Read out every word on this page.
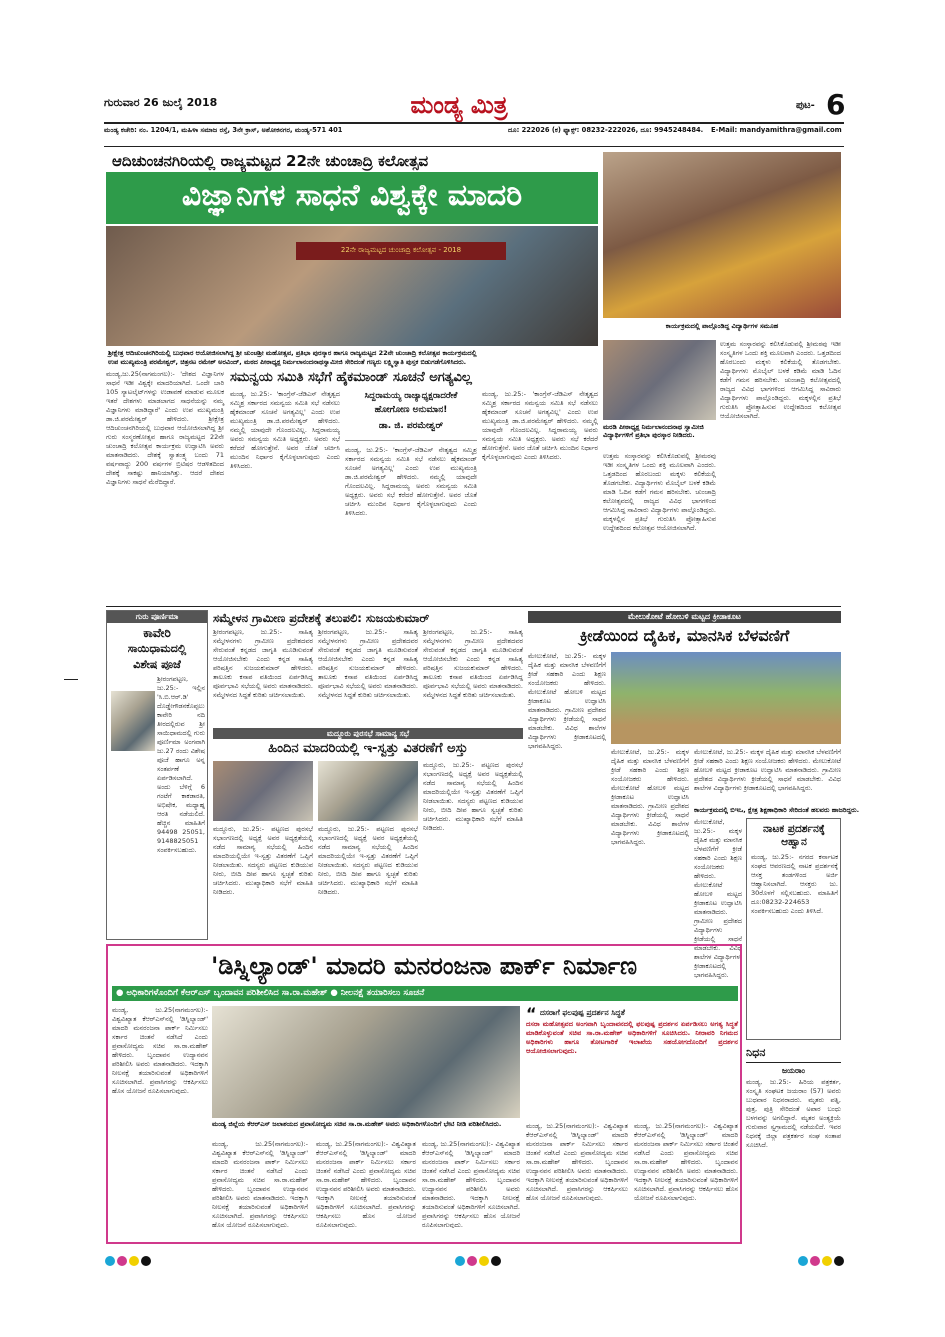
ಗುರುವಾರ 26 ಜುಲೈ 2018	ಮಂಡ್ಯ ಮಿತ್ರ	ಪುಟ- 6
ಮಂಡ್ಯ ಕಚೇರಿ: ನಂ. 1204/1, ಮಹಿಳಾ ಸಮಾಜ ರಸ್ತೆ, 3ನೇ ಕ್ರಾಸ್, ಅಶೋಕನಗರ, ಮಂಡ್ಯ-571 401	ದೂ: 222026 (ಕ) ಫ್ಯಾಕ್ಸ್: 08232-222026, ದೂ: 9945248484.	E-Mail: mandyamithra@gmail.com
ಆದಿಚುಂಚನಗಿರಿಯಲ್ಲಿ ರಾಜ್ಯಮಟ್ಟದ 22ನೇ ಚುಂಚಾದ್ರಿ ಕಲೋತ್ಸವ
ವಿಜ್ಞಾನಿಗಳ ಸಾಧನೆ ವಿಶ್ವಕ್ಕೇ ಮಾದರಿ
22ನೇ ರಾಜ್ಯಮಟ್ಟದ ಚುಂಚಾದ್ರಿ ಕಲೋತ್ಸವ - 2018
ಶ್ರೀಕ್ಷೇತ್ರ ಆದಿಚುಂಚನಗಿರಿಯಲ್ಲಿ ಬುಧವಾರ ಆಯೋಜಿಸಲಾಗಿದ್ದ ಶ್ರೀ ಚುಂಚಶ್ರೀ ಮಹೋತ್ಸವ, ಪ್ರತಿಭಾ ಪುರಸ್ಕಾರ ಹಾಗೂ ರಾಜ್ಯಮಟ್ಟದ 22ನೇ ಚುಂಚಾದ್ರಿ ಕಲೋತ್ಸವ ಕಾರ್ಯಕ್ರಮದಲ್ಲಿ
ಉಪ ಮುಖ್ಯಮಂತ್ರಿ ಪರಮೇಶ್ವರ್, ಚಿತ್ರನಟ ರಮೇಶ್ ಅರವಿಂದ್, ಮಠದ ಪೀಠಾಧ್ಯಕ್ಷ ನಿರ್ಮಲಾನಂದನಾಥಸ್ವಾಮೀಜಿ ಸೇರಿದಂತೆ ಗಣ್ಯರು ಲಕ್ಷ್ಮಿಸ್ವಾತಿ ಪುಸ್ತಕ ಬಿಡುಗಡೆಗೊಳಿಸಿದರು.
ಕಾರ್ಯಕ್ರಮದಲ್ಲಿ ಪಾಲ್ಗೊಂಡಿದ್ದ ವಿದ್ಯಾರ್ಥಿಗಳ ಸಮೂಹ
ಮಂಡ್ಯ,ಜು.25(ನಾಗಮಂಗಲ):- 'ದೇಶದ ವಿಜ್ಞಾನಿಗಳ ಸಾಧನೆ ಇಡೀ ವಿಶ್ವಕ್ಕೇ ಮಾದರಿಯಾಗಿದೆ. ಒಂದೇ ಬಾರಿ 105 ಸ್ಯಾಟಲೈಟ್‌ಗಳನ್ನು ಉಡಾವಣೆ ಮಾಡುವ ಮೂಲಕ ಇತರೆ ದೇಶಗಳು ಮಾಡಲಾಗದ ಸಾಧನೆಯನ್ನು ನಮ್ಮ ವಿಜ್ಞಾನಿಗಳು ಮಾಡಿದ್ದಾರೆ' ಎಂದು ಉಪ ಮುಖ್ಯಮಂತ್ರಿ ಡಾ.ಜಿ.ಪರಮೇಶ್ವರ್ ಹೇಳಿದರು. ಶ್ರೀಕ್ಷೇತ್ರ ಆದಿಚುಂಚನಗಿರಿಯಲ್ಲಿ ಬುಧವಾರ ಆಯೋಜಿಸಲಾಗಿದ್ದ ಶ್ರೀ ಗುರು ಸಂಸ್ಮರಣೋತ್ಸವ ಹಾಗೂ ರಾಜ್ಯಮಟ್ಟದ 22ನೇ ಚುಂಚಾದ್ರಿ ಕಲೋತ್ಸವ ಕಾರ್ಯಕ್ರಮ ಉದ್ಘಾಟಿಸಿ ಅವರು ಮಾತನಾಡಿದರು. ದೇಶಕ್ಕೆ ಸ್ವಾತಂತ್ರ್ಯ ಬಂದು 71 ವರ್ಷವಾದ್ದು 200 ವರ್ಷಗಳ ಬ್ರಿಟಿಷರ ಆಡಳಿತದಿಂದ ದೇಶಕ್ಕೆ ಸಾಕಷ್ಟು ಹಾನಿಯಾಗಿತ್ತು. ಆದರೆ ದೇಶದ ವಿಜ್ಞಾನಿಗಳು ಸಾಧನೆ ಮೆರೆದಿದ್ದಾರೆ.
ಸಮನ್ವಯ ಸಮಿತಿ ಸಭೆಗೆ ಹೈಕಮಾಂಡ್ ಸೂಚನೆ ಅಗತ್ಯವಿಲ್ಲ
ಮಂಡ್ಯ, ಜು.25:- 'ಕಾಂಗ್ರೆಸ್-ಜೆಡಿಎಸ್ ನೇತೃತ್ವದ ಸಮ್ಮಿಶ್ರ ಸರ್ಕಾರದ ಸಮನ್ವಯ ಸಮಿತಿ ಸಭೆ ನಡೆಸಲು ಹೈಕಮಾಂಡ್ ಸೂಚನೆ ಅಗತ್ಯವಿಲ್ಲ' ಎಂದು ಉಪ ಮುಖ್ಯಮಂತ್ರಿ ಡಾ.ಜಿ.ಪರಮೇಶ್ವರ್ ಹೇಳಿದರು. ನಮ್ಮಲ್ಲಿ ಯಾವುದೇ ಗೊಂದಲವಿಲ್ಲ. ಸಿದ್ದರಾಮಯ್ಯ ಅವರು ಸಮನ್ವಯ ಸಮಿತಿ ಅಧ್ಯಕ್ಷರು. ಅವರು ಸಭೆ ಕರೆದರೆ ಹೋಗುತ್ತೇನೆ. ಅವರ ಜೊತೆ ಚರ್ಚಿಸಿ ಮುಂದಿನ ನಿರ್ಧಾರ ಕೈಗೊಳ್ಳಲಾಗುವುದು ಎಂದು ತಿಳಿಸಿದರು.
ಸಿದ್ದರಾಮಯ್ಯ ರಾಜ್ಯಾಧ್ಯಕ್ಷರಾದರೇಕೆ
ಹೋಗೋಣ ಅನುಮಾನ!
ಡಾ. ಜಿ. ಪರಮೇಶ್ವರ್
ಮಂಡ್ಯ, ಜು.25:- 'ಕಾಂಗ್ರೆಸ್-ಜೆಡಿಎಸ್ ನೇತೃತ್ವದ ಸಮ್ಮಿಶ್ರ ಸರ್ಕಾರದ ಸಮನ್ವಯ ಸಮಿತಿ ಸಭೆ ನಡೆಸಲು ಹೈಕಮಾಂಡ್ ಸೂಚನೆ ಅಗತ್ಯವಿಲ್ಲ' ಎಂದು ಉಪ ಮುಖ್ಯಮಂತ್ರಿ ಡಾ.ಜಿ.ಪರಮೇಶ್ವರ್ ಹೇಳಿದರು. ನಮ್ಮಲ್ಲಿ ಯಾವುದೇ ಗೊಂದಲವಿಲ್ಲ. ಸಿದ್ದರಾಮಯ್ಯ ಅವರು ಸಮನ್ವಯ ಸಮಿತಿ ಅಧ್ಯಕ್ಷರು. ಅವರು ಸಭೆ ಕರೆದರೆ ಹೋಗುತ್ತೇನೆ. ಅವರ ಜೊತೆ ಚರ್ಚಿಸಿ ಮುಂದಿನ ನಿರ್ಧಾರ ಕೈಗೊಳ್ಳಲಾಗುವುದು ಎಂದು ತಿಳಿಸಿದರು.
ಮಂಡ್ಯ, ಜು.25:- 'ಕಾಂಗ್ರೆಸ್-ಜೆಡಿಎಸ್ ನೇತೃತ್ವದ ಸಮ್ಮಿಶ್ರ ಸರ್ಕಾರದ ಸಮನ್ವಯ ಸಮಿತಿ ಸಭೆ ನಡೆಸಲು ಹೈಕಮಾಂಡ್ ಸೂಚನೆ ಅಗತ್ಯವಿಲ್ಲ' ಎಂದು ಉಪ ಮುಖ್ಯಮಂತ್ರಿ ಡಾ.ಜಿ.ಪರಮೇಶ್ವರ್ ಹೇಳಿದರು. ನಮ್ಮಲ್ಲಿ ಯಾವುದೇ ಗೊಂದಲವಿಲ್ಲ. ಸಿದ್ದರಾಮಯ್ಯ ಅವರು ಸಮನ್ವಯ ಸಮಿತಿ ಅಧ್ಯಕ್ಷರು. ಅವರು ಸಭೆ ಕರೆದರೆ ಹೋಗುತ್ತೇನೆ. ಅವರ ಜೊತೆ ಚರ್ಚಿಸಿ ಮುಂದಿನ ನಿರ್ಧಾರ ಕೈಗೊಳ್ಳಲಾಗುವುದು ಎಂದು ತಿಳಿಸಿದರು.
ಮರಡಿ ಪೀಠಾಧ್ಯಕ್ಷ ನಿರ್ಮಲಾನಂದನಾಥ ಸ್ವಾಮೀಜಿ ವಿದ್ಯಾರ್ಥಿಗಳಿಗೆ ಪ್ರತಿಭಾ ಪುರಸ್ಕಾರ ನೀಡಿದರು.
ಉತ್ತಮ ಸಂಸ್ಕಾರವನ್ನು ಕಲಿಸಿಕೊಡುವಲ್ಲಿ ಶ್ರೀಮಠವು ಇಡೀ ಸಂಸ್ಕೃತಿಗಳ ಒಂದು ಶಕ್ತಿ ಮೂಲವಾಗಿ ಎಂದರು. ಒತ್ತಡದಿಂದ ಹೊರಬಂದು ಮಕ್ಕಳು ಕಲಿಕೆಯಲ್ಲಿ ತೊಡಗಬೇಕು. ವಿದ್ಯಾರ್ಥಿಗಳು ಮೊಬೈಲ್ ಬಳಕೆ ಕಡಿಮೆ ಮಾಡಿ ಓದಿನ ಕಡೆಗೆ ಗಮನ ಹರಿಸಬೇಕು. ಚುಂಚಾದ್ರಿ ಕಲೋತ್ಸವದಲ್ಲಿ ರಾಜ್ಯದ ವಿವಿಧ ಭಾಗಗಳಿಂದ ಆಗಮಿಸಿದ್ದ ಸಾವಿರಾರು ವಿದ್ಯಾರ್ಥಿಗಳು ಪಾಲ್ಗೊಂಡಿದ್ದರು. ಮಕ್ಕಳಲ್ಲಿನ ಪ್ರತಿಭೆ ಗುರುತಿಸಿ ಪ್ರೋತ್ಸಾಹಿಸುವ ಉದ್ದೇಶದಿಂದ ಕಲೋತ್ಸವ ಆಯೋಜಿಸಲಾಗಿದೆ.
ಉತ್ತಮ ಸಂಸ್ಕಾರವನ್ನು ಕಲಿಸಿಕೊಡುವಲ್ಲಿ ಶ್ರೀಮಠವು ಇಡೀ ಸಂಸ್ಕೃತಿಗಳ ಒಂದು ಶಕ್ತಿ ಮೂಲವಾಗಿ ಎಂದರು. ಒತ್ತಡದಿಂದ ಹೊರಬಂದು ಮಕ್ಕಳು ಕಲಿಕೆಯಲ್ಲಿ ತೊಡಗಬೇಕು. ವಿದ್ಯಾರ್ಥಿಗಳು ಮೊಬೈಲ್ ಬಳಕೆ ಕಡಿಮೆ ಮಾಡಿ ಓದಿನ ಕಡೆಗೆ ಗಮನ ಹರಿಸಬೇಕು. ಚುಂಚಾದ್ರಿ ಕಲೋತ್ಸವದಲ್ಲಿ ರಾಜ್ಯದ ವಿವಿಧ ಭಾಗಗಳಿಂದ ಆಗಮಿಸಿದ್ದ ಸಾವಿರಾರು ವಿದ್ಯಾರ್ಥಿಗಳು ಪಾಲ್ಗೊಂಡಿದ್ದರು. ಮಕ್ಕಳಲ್ಲಿನ ಪ್ರತಿಭೆ ಗುರುತಿಸಿ ಪ್ರೋತ್ಸಾಹಿಸುವ ಉದ್ದೇಶದಿಂದ ಕಲೋತ್ಸವ ಆಯೋಜಿಸಲಾಗಿದೆ.
ಗುರು ಪೂರ್ಣಿಮಾ
ಕಾವೇರಿ
ಸಾಯಿಧಾಮದಲ್ಲಿ
ವಿಶೇಷ ಪೂಜೆ
ಶ್ರೀರಂಗಪಟ್ಟಣ, ಜು.25:- ಇಲ್ಲಿನ 'ಸಿ.ಬಿ.ಆರ್.ಡಿ' ದೊಡ್ಡೇಗೌಡನಕೊಪ್ಪಲು ಕಾವೇರಿ ನದಿ ತೀರದಲ್ಲಿರುವ ಶ್ರೀ ಸಾಯಿಧಾಮದಲ್ಲಿ ಗುರು ಪೂರ್ಣಿಮಾ ಅಂಗವಾಗಿ ಜು.27 ರಂದು ವಿಶೇಷ ಪೂಜೆ ಹಾಗೂ ಅನ್ನ ಸಂತರ್ಪಣೆ ಏರ್ಪಡಿಸಲಾಗಿದೆ. ಅಂದು ಬೆಳಿಗ್ಗೆ 6 ಗಂಟೆಗೆ ಕಾಕಡಾರತಿ, ಅಭಿಷೇಕ, ಮಧ್ಯಾಹ್ನ ಆರತಿ ನಡೆಯಲಿದೆ. ಹೆಚ್ಚಿನ ಮಾಹಿತಿಗೆ 94498 25051, 9148825051 ಸಂಪರ್ಕಿಸಬಹುದು.
ಸಮ್ಮೇಳನ ಗ್ರಾಮೀಣ ಪ್ರದೇಶಕ್ಕೆ ತಲುಪಲಿ: ಸುಜಯಕುಮಾರ್
ಶ್ರೀರಂಗಪಟ್ಟಣ, ಜು.25:- ಸಾಹಿತ್ಯ ಸಮ್ಮೇಳನಗಳು ಗ್ರಾಮೀಣ ಪ್ರದೇಶದವರ ಸೇರುವಂತೆ ಕನ್ನಡದ ಜಾಗೃತಿ ಮೂಡಿಸುವಂತೆ ಆಯೋಜಿಸಬೇಕು ಎಂದು ಕನ್ನಡ ಸಾಹಿತ್ಯ ಪರಿಷತ್ತಿನ ಸುಜಯಕುಮಾರ್ ಹೇಳಿದರು. ತಾಲೂಕು ಕಸಾಪ ವತಿಯಿಂದ ಏರ್ಪಡಿಸಿದ್ದ ಪೂರ್ವಭಾವಿ ಸಭೆಯಲ್ಲಿ ಅವರು ಮಾತನಾಡಿದರು. ಸಮ್ಮೇಳನದ ಸಿದ್ಧತೆ ಕುರಿತು ಚರ್ಚಿಸಲಾಯಿತು.
ಶ್ರೀರಂಗಪಟ್ಟಣ, ಜು.25:- ಸಾಹಿತ್ಯ ಸಮ್ಮೇಳನಗಳು ಗ್ರಾಮೀಣ ಪ್ರದೇಶದವರ ಸೇರುವಂತೆ ಕನ್ನಡದ ಜಾಗೃತಿ ಮೂಡಿಸುವಂತೆ ಆಯೋಜಿಸಬೇಕು ಎಂದು ಕನ್ನಡ ಸಾಹಿತ್ಯ ಪರಿಷತ್ತಿನ ಸುಜಯಕುಮಾರ್ ಹೇಳಿದರು. ತಾಲೂಕು ಕಸಾಪ ವತಿಯಿಂದ ಏರ್ಪಡಿಸಿದ್ದ ಪೂರ್ವಭಾವಿ ಸಭೆಯಲ್ಲಿ ಅವರು ಮಾತನಾಡಿದರು. ಸಮ್ಮೇಳನದ ಸಿದ್ಧತೆ ಕುರಿತು ಚರ್ಚಿಸಲಾಯಿತು.
ಶ್ರೀರಂಗಪಟ್ಟಣ, ಜು.25:- ಸಾಹಿತ್ಯ ಸಮ್ಮೇಳನಗಳು ಗ್ರಾಮೀಣ ಪ್ರದೇಶದವರ ಸೇರುವಂತೆ ಕನ್ನಡದ ಜಾಗೃತಿ ಮೂಡಿಸುವಂತೆ ಆಯೋಜಿಸಬೇಕು ಎಂದು ಕನ್ನಡ ಸಾಹಿತ್ಯ ಪರಿಷತ್ತಿನ ಸುಜಯಕುಮಾರ್ ಹೇಳಿದರು. ತಾಲೂಕು ಕಸಾಪ ವತಿಯಿಂದ ಏರ್ಪಡಿಸಿದ್ದ ಪೂರ್ವಭಾವಿ ಸಭೆಯಲ್ಲಿ ಅವರು ಮಾತನಾಡಿದರು. ಸಮ್ಮೇಳನದ ಸಿದ್ಧತೆ ಕುರಿತು ಚರ್ಚಿಸಲಾಯಿತು.
ಮದ್ದೂರು ಪುರಸಭೆ ಸಾಮಾನ್ಯ ಸಭೆ
ಹಿಂದಿನ ಮಾದರಿಯಲ್ಲಿ ಇ-ಸ್ವತ್ತು ವಿತರಣೆಗೆ ಅಸ್ತು
ಮದ್ದೂರು, ಜು.25:- ಪಟ್ಟಣದ ಪುರಸಭೆ ಸಭಾಂಗಣದಲ್ಲಿ ಅಧ್ಯಕ್ಷೆ ಅವರ ಅಧ್ಯಕ್ಷತೆಯಲ್ಲಿ ನಡೆದ ಸಾಮಾನ್ಯ ಸಭೆಯಲ್ಲಿ ಹಿಂದಿನ ಮಾದರಿಯಲ್ಲಿಯೇ ಇ-ಸ್ವತ್ತು ವಿತರಣೆಗೆ ಒಪ್ಪಿಗೆ ನೀಡಲಾಯಿತು. ಸದಸ್ಯರು ಪಟ್ಟಣದ ಕುಡಿಯುವ ನೀರು, ಬೀದಿ ದೀಪ ಹಾಗೂ ಸ್ವಚ್ಛತೆ ಕುರಿತು ಚರ್ಚಿಸಿದರು. ಮುಖ್ಯಾಧಿಕಾರಿ ಸಭೆಗೆ ಮಾಹಿತಿ ನೀಡಿದರು.
ಮದ್ದೂರು, ಜು.25:- ಪಟ್ಟಣದ ಪುರಸಭೆ ಸಭಾಂಗಣದಲ್ಲಿ ಅಧ್ಯಕ್ಷೆ ಅವರ ಅಧ್ಯಕ್ಷತೆಯಲ್ಲಿ ನಡೆದ ಸಾಮಾನ್ಯ ಸಭೆಯಲ್ಲಿ ಹಿಂದಿನ ಮಾದರಿಯಲ್ಲಿಯೇ ಇ-ಸ್ವತ್ತು ವಿತರಣೆಗೆ ಒಪ್ಪಿಗೆ ನೀಡಲಾಯಿತು. ಸದಸ್ಯರು ಪಟ್ಟಣದ ಕುಡಿಯುವ ನೀರು, ಬೀದಿ ದೀಪ ಹಾಗೂ ಸ್ವಚ್ಛತೆ ಕುರಿತು ಚರ್ಚಿಸಿದರು. ಮುಖ್ಯಾಧಿಕಾರಿ ಸಭೆಗೆ ಮಾಹಿತಿ ನೀಡಿದರು.
ಮದ್ದೂರು, ಜು.25:- ಪಟ್ಟಣದ ಪುರಸಭೆ ಸಭಾಂಗಣದಲ್ಲಿ ಅಧ್ಯಕ್ಷೆ ಅವರ ಅಧ್ಯಕ್ಷತೆಯಲ್ಲಿ ನಡೆದ ಸಾಮಾನ್ಯ ಸಭೆಯಲ್ಲಿ ಹಿಂದಿನ ಮಾದರಿಯಲ್ಲಿಯೇ ಇ-ಸ್ವತ್ತು ವಿತರಣೆಗೆ ಒಪ್ಪಿಗೆ ನೀಡಲಾಯಿತು. ಸದಸ್ಯರು ಪಟ್ಟಣದ ಕುಡಿಯುವ ನೀರು, ಬೀದಿ ದೀಪ ಹಾಗೂ ಸ್ವಚ್ಛತೆ ಕುರಿತು ಚರ್ಚಿಸಿದರು. ಮುಖ್ಯಾಧಿಕಾರಿ ಸಭೆಗೆ ಮಾಹಿತಿ ನೀಡಿದರು.
ಮೇಲುಕೋಟೆ ಹೋಬಳಿ ಮಟ್ಟದ ಕ್ರೀಡಾಕೂಟ
ಕ್ರೀಡೆಯಿಂದ ದೈಹಿಕ, ಮಾನಸಿಕ ಬೆಳವಣಿಗೆ
ಮೇಲುಕೋಟೆ, ಜು.25:- ಮಕ್ಕಳ ದೈಹಿಕ ಮತ್ತು ಮಾನಸಿಕ ಬೆಳವಣಿಗೆಗೆ ಕ್ರೀಡೆ ಸಹಕಾರಿ ಎಂದು ಶಿಕ್ಷಣ ಸಂಯೋಜಕರು ಹೇಳಿದರು. ಮೇಲುಕೋಟೆ ಹೋಬಳಿ ಮಟ್ಟದ ಕ್ರೀಡಾಕೂಟ ಉದ್ಘಾಟಿಸಿ ಮಾತನಾಡಿದರು. ಗ್ರಾಮೀಣ ಪ್ರದೇಶದ ವಿದ್ಯಾರ್ಥಿಗಳು ಕ್ರೀಡೆಯಲ್ಲಿ ಸಾಧನೆ ಮಾಡಬೇಕು. ವಿವಿಧ ಶಾಲೆಗಳ ವಿದ್ಯಾರ್ಥಿಗಳು ಕ್ರೀಡಾಕೂಟದಲ್ಲಿ ಭಾಗವಹಿಸಿದ್ದರು.
ಮೇಲುಕೋಟೆ, ಜು.25:- ಮಕ್ಕಳ ದೈಹಿಕ ಮತ್ತು ಮಾನಸಿಕ ಬೆಳವಣಿಗೆಗೆ ಕ್ರೀಡೆ ಸಹಕಾರಿ ಎಂದು ಶಿಕ್ಷಣ ಸಂಯೋಜಕರು ಹೇಳಿದರು. ಮೇಲುಕೋಟೆ ಹೋಬಳಿ ಮಟ್ಟದ ಕ್ರೀಡಾಕೂಟ ಉದ್ಘಾಟಿಸಿ ಮಾತನಾಡಿದರು. ಗ್ರಾಮೀಣ ಪ್ರದೇಶದ ವಿದ್ಯಾರ್ಥಿಗಳು ಕ್ರೀಡೆಯಲ್ಲಿ ಸಾಧನೆ ಮಾಡಬೇಕು. ವಿವಿಧ ಶಾಲೆಗಳ ವಿದ್ಯಾರ್ಥಿಗಳು ಕ್ರೀಡಾಕೂಟದಲ್ಲಿ ಭಾಗವಹಿಸಿದ್ದರು.
ಮೇಲುಕೋಟೆ, ಜು.25:- ಮಕ್ಕಳ ದೈಹಿಕ ಮತ್ತು ಮಾನಸಿಕ ಬೆಳವಣಿಗೆಗೆ ಕ್ರೀಡೆ ಸಹಕಾರಿ ಎಂದು ಶಿಕ್ಷಣ ಸಂಯೋಜಕರು ಹೇಳಿದರು. ಮೇಲುಕೋಟೆ ಹೋಬಳಿ ಮಟ್ಟದ ಕ್ರೀಡಾಕೂಟ ಉದ್ಘಾಟಿಸಿ ಮಾತನಾಡಿದರು. ಗ್ರಾಮೀಣ ಪ್ರದೇಶದ ವಿದ್ಯಾರ್ಥಿಗಳು ಕ್ರೀಡೆಯಲ್ಲಿ ಸಾಧನೆ ಮಾಡಬೇಕು. ವಿವಿಧ ಶಾಲೆಗಳ ವಿದ್ಯಾರ್ಥಿಗಳು ಕ್ರೀಡಾಕೂಟದಲ್ಲಿ ಭಾಗವಹಿಸಿದ್ದರು.
ಕಾರ್ಯಕ್ರಮದಲ್ಲಿ ಬಿಇಒ, ಕ್ಷೇತ್ರ ಶಿಕ್ಷಣಾಧಿಕಾರಿ ಸೇರಿದಂತೆ ಹಲವರು ಹಾಜರಿದ್ದರು.
ನಾಟಕ ಪ್ರದರ್ಶನಕ್ಕೆ ಆಹ್ವಾನ
ಮಂಡ್ಯ, ಜು.25:- ನಗರದ ಕರ್ನಾಟಕ ಸಂಘದ ಆವರಣದಲ್ಲಿ ನಾಟಕ ಪ್ರದರ್ಶನಕ್ಕೆ ಆಸಕ್ತ ತಂಡಗಳಿಂದ ಅರ್ಜಿ ಆಹ್ವಾನಿಸಲಾಗಿದೆ. ಆಸಕ್ತರು ಜು. 30ರೊಳಗೆ ಸಲ್ಲಿಸಬಹುದು. ಮಾಹಿತಿಗೆ ದೂ:08232-224653 ಸಂಪರ್ಕಿಸಬಹುದು ಎಂದು ತಿಳಿಸಿದೆ.
ಮೇಲುಕೋಟೆ, ಜು.25:- ಮಕ್ಕಳ ದೈಹಿಕ ಮತ್ತು ಮಾನಸಿಕ ಬೆಳವಣಿಗೆಗೆ ಕ್ರೀಡೆ ಸಹಕಾರಿ ಎಂದು ಶಿಕ್ಷಣ ಸಂಯೋಜಕರು ಹೇಳಿದರು. ಮೇಲುಕೋಟೆ ಹೋಬಳಿ ಮಟ್ಟದ ಕ್ರೀಡಾಕೂಟ ಉದ್ಘಾಟಿಸಿ ಮಾತನಾಡಿದರು. ಗ್ರಾಮೀಣ ಪ್ರದೇಶದ ವಿದ್ಯಾರ್ಥಿಗಳು ಕ್ರೀಡೆಯಲ್ಲಿ ಸಾಧನೆ ಮಾಡಬೇಕು. ವಿವಿಧ ಶಾಲೆಗಳ ವಿದ್ಯಾರ್ಥಿಗಳು ಕ್ರೀಡಾಕೂಟದಲ್ಲಿ ಭಾಗವಹಿಸಿದ್ದರು.
'ಡಿಸ್ನಿಲ್ಯಾಂಡ್' ಮಾದರಿ ಮನರಂಜನಾ ಪಾರ್ಕ್ ನಿರ್ಮಾಣ
● ಅಧಿಕಾರಿಗಳೊಂದಿಗೆ ಕೆಆರ್‌ಎಸ್ ಬೃಂದಾವನ ಪರಿಶೀಲಿಸಿದ ಸಾ.ರಾ.ಮಹೇಶ್ ● ನೀಲನಕ್ಷೆ ತಯಾರಿಸಲು ಸೂಚನೆ
ಮಂಡ್ಯ, ಜು.25(ನಾಗಮಂಗಲ):- ವಿಶ್ವವಿಖ್ಯಾತ ಕೆಆರ್‌ಎಸ್‌ನಲ್ಲಿ 'ಡಿಸ್ನಿಲ್ಯಾಂಡ್' ಮಾದರಿ ಮನರಂಜನಾ ಪಾರ್ಕ್ ನಿರ್ಮಿಸಲು ಸರ್ಕಾರ ಚಿಂತನೆ ನಡೆಸಿದೆ ಎಂದು ಪ್ರವಾಸೋದ್ಯಮ ಸಚಿವ ಸಾ.ರಾ.ಮಹೇಶ್ ಹೇಳಿದರು. ಬೃಂದಾವನ ಉದ್ಯಾನವನ ಪರಿಶೀಲಿಸಿ ಅವರು ಮಾತನಾಡಿದರು. ಇದಕ್ಕಾಗಿ ನೀಲನಕ್ಷೆ ತಯಾರಿಸುವಂತೆ ಅಧಿಕಾರಿಗಳಿಗೆ ಸೂಚಿಸಲಾಗಿದೆ. ಪ್ರವಾಸಿಗರನ್ನು ಆಕರ್ಷಿಸಲು ಹೊಸ ಯೋಜನೆ ರೂಪಿಸಲಾಗುವುದು.
ಮಂಡ್ಯ ಜಿಲ್ಲೆಯ ಕೆಆರ್‌ಎಸ್ ಜಲಾಶಯದ ಪ್ರವಾಸೋದ್ಯಮ ಸಚಿವ ಸಾ.ರಾ.ಮಹೇಶ್ ಅವರು ಅಧಿಕಾರಿಗಳೊಂದಿಗೆ ಭೇಟಿ ನೀಡಿ ಪರಿಶೀಲಿಸಿದರು.
“ ದಸರಾಗೆ ಫಲಪುಷ್ಪ ಪ್ರದರ್ಶನ ಸಿದ್ಧತೆ
ದಸರಾ ಮಹೋತ್ಸವದ ಅಂಗವಾಗಿ ಬೃಂದಾವನದಲ್ಲಿ ಫಲಪುಷ್ಪ ಪ್ರದರ್ಶನ ಏರ್ಪಡಿಸಲು ಅಗತ್ಯ ಸಿದ್ಧತೆ ಮಾಡಿಕೊಳ್ಳುವಂತೆ ಸಚಿವ ಸಾ.ರಾ.ಮಹೇಶ್ ಅಧಿಕಾರಿಗಳಿಗೆ ಸೂಚಿಸಿದರು. ನೀರಾವರಿ ನಿಗಮದ ಅಧಿಕಾರಿಗಳು ಹಾಗೂ ತೋಟಗಾರಿಕೆ ಇಲಾಖೆಯ ಸಹಯೋಗದೊಂದಿಗೆ ಪ್ರದರ್ಶನ ಆಯೋಜಿಸಲಾಗುವುದು.
ಮಂಡ್ಯ, ಜು.25(ನಾಗಮಂಗಲ):- ವಿಶ್ವವಿಖ್ಯಾತ ಕೆಆರ್‌ಎಸ್‌ನಲ್ಲಿ 'ಡಿಸ್ನಿಲ್ಯಾಂಡ್' ಮಾದರಿ ಮನರಂಜನಾ ಪಾರ್ಕ್ ನಿರ್ಮಿಸಲು ಸರ್ಕಾರ ಚಿಂತನೆ ನಡೆಸಿದೆ ಎಂದು ಪ್ರವಾಸೋದ್ಯಮ ಸಚಿವ ಸಾ.ರಾ.ಮಹೇಶ್ ಹೇಳಿದರು. ಬೃಂದಾವನ ಉದ್ಯಾನವನ ಪರಿಶೀಲಿಸಿ ಅವರು ಮಾತನಾಡಿದರು. ಇದಕ್ಕಾಗಿ ನೀಲನಕ್ಷೆ ತಯಾರಿಸುವಂತೆ ಅಧಿಕಾರಿಗಳಿಗೆ ಸೂಚಿಸಲಾಗಿದೆ. ಪ್ರವಾಸಿಗರನ್ನು ಆಕರ್ಷಿಸಲು ಹೊಸ ಯೋಜನೆ ರೂಪಿಸಲಾಗುವುದು.
ಮಂಡ್ಯ, ಜು.25(ನಾಗಮಂಗಲ):- ವಿಶ್ವವಿಖ್ಯಾತ ಕೆಆರ್‌ಎಸ್‌ನಲ್ಲಿ 'ಡಿಸ್ನಿಲ್ಯಾಂಡ್' ಮಾದರಿ ಮನರಂಜನಾ ಪಾರ್ಕ್ ನಿರ್ಮಿಸಲು ಸರ್ಕಾರ ಚಿಂತನೆ ನಡೆಸಿದೆ ಎಂದು ಪ್ರವಾಸೋದ್ಯಮ ಸಚಿವ ಸಾ.ರಾ.ಮಹೇಶ್ ಹೇಳಿದರು. ಬೃಂದಾವನ ಉದ್ಯಾನವನ ಪರಿಶೀಲಿಸಿ ಅವರು ಮಾತನಾಡಿದರು. ಇದಕ್ಕಾಗಿ ನೀಲನಕ್ಷೆ ತಯಾರಿಸುವಂತೆ ಅಧಿಕಾರಿಗಳಿಗೆ ಸೂಚಿಸಲಾಗಿದೆ. ಪ್ರವಾಸಿಗರನ್ನು ಆಕರ್ಷಿಸಲು ಹೊಸ ಯೋಜನೆ ರೂಪಿಸಲಾಗುವುದು.
ಮಂಡ್ಯ, ಜು.25(ನಾಗಮಂಗಲ):- ವಿಶ್ವವಿಖ್ಯಾತ ಕೆಆರ್‌ಎಸ್‌ನಲ್ಲಿ 'ಡಿಸ್ನಿಲ್ಯಾಂಡ್' ಮಾದರಿ ಮನರಂಜನಾ ಪಾರ್ಕ್ ನಿರ್ಮಿಸಲು ಸರ್ಕಾರ ಚಿಂತನೆ ನಡೆಸಿದೆ ಎಂದು ಪ್ರವಾಸೋದ್ಯಮ ಸಚಿವ ಸಾ.ರಾ.ಮಹೇಶ್ ಹೇಳಿದರು. ಬೃಂದಾವನ ಉದ್ಯಾನವನ ಪರಿಶೀಲಿಸಿ ಅವರು ಮಾತನಾಡಿದರು. ಇದಕ್ಕಾಗಿ ನೀಲನಕ್ಷೆ ತಯಾರಿಸುವಂತೆ ಅಧಿಕಾರಿಗಳಿಗೆ ಸೂಚಿಸಲಾಗಿದೆ. ಪ್ರವಾಸಿಗರನ್ನು ಆಕರ್ಷಿಸಲು ಹೊಸ ಯೋಜನೆ ರೂಪಿಸಲಾಗುವುದು.
ಮಂಡ್ಯ, ಜು.25(ನಾಗಮಂಗಲ):- ವಿಶ್ವವಿಖ್ಯಾತ ಕೆಆರ್‌ಎಸ್‌ನಲ್ಲಿ 'ಡಿಸ್ನಿಲ್ಯಾಂಡ್' ಮಾದರಿ ಮನರಂಜನಾ ಪಾರ್ಕ್ ನಿರ್ಮಿಸಲು ಸರ್ಕಾರ ಚಿಂತನೆ ನಡೆಸಿದೆ ಎಂದು ಪ್ರವಾಸೋದ್ಯಮ ಸಚಿವ ಸಾ.ರಾ.ಮಹೇಶ್ ಹೇಳಿದರು. ಬೃಂದಾವನ ಉದ್ಯಾನವನ ಪರಿಶೀಲಿಸಿ ಅವರು ಮಾತನಾಡಿದರು. ಇದಕ್ಕಾಗಿ ನೀಲನಕ್ಷೆ ತಯಾರಿಸುವಂತೆ ಅಧಿಕಾರಿಗಳಿಗೆ ಸೂಚಿಸಲಾಗಿದೆ. ಪ್ರವಾಸಿಗರನ್ನು ಆಕರ್ಷಿಸಲು ಹೊಸ ಯೋಜನೆ ರೂಪಿಸಲಾಗುವುದು.
ಮಂಡ್ಯ, ಜು.25(ನಾಗಮಂಗಲ):- ವಿಶ್ವವಿಖ್ಯಾತ ಕೆಆರ್‌ಎಸ್‌ನಲ್ಲಿ 'ಡಿಸ್ನಿಲ್ಯಾಂಡ್' ಮಾದರಿ ಮನರಂಜನಾ ಪಾರ್ಕ್ ನಿರ್ಮಿಸಲು ಸರ್ಕಾರ ಚಿಂತನೆ ನಡೆಸಿದೆ ಎಂದು ಪ್ರವಾಸೋದ್ಯಮ ಸಚಿವ ಸಾ.ರಾ.ಮಹೇಶ್ ಹೇಳಿದರು. ಬೃಂದಾವನ ಉದ್ಯಾನವನ ಪರಿಶೀಲಿಸಿ ಅವರು ಮಾತನಾಡಿದರು. ಇದಕ್ಕಾಗಿ ನೀಲನಕ್ಷೆ ತಯಾರಿಸುವಂತೆ ಅಧಿಕಾರಿಗಳಿಗೆ ಸೂಚಿಸಲಾಗಿದೆ. ಪ್ರವಾಸಿಗರನ್ನು ಆಕರ್ಷಿಸಲು ಹೊಸ ಯೋಜನೆ ರೂಪಿಸಲಾಗುವುದು.
ನಿಧನ
ಜಯರಾಂ
ಮಂಡ್ಯ, ಜು.25:- ಹಿರಿಯ ಪತ್ರಕರ್ತ, ಸಂಸ್ಕೃತಿ ಸಂಘಟಕ ಜಯರಾಂ (57) ಅವರು ಬುಧವಾರ ನಿಧನರಾದರು. ಮೃತರು ಪತ್ನಿ, ಪುತ್ರ, ಪುತ್ರಿ ಸೇರಿದಂತೆ ಅಪಾರ ಬಂಧು ಬಳಗವನ್ನು ಅಗಲಿದ್ದಾರೆ. ಮೃತರ ಅಂತ್ಯಕ್ರಿಯೆ ಗುರುವಾರ ಸ್ವಗ್ರಾಮದಲ್ಲಿ ನಡೆಯಲಿದೆ. ಇವರ ನಿಧನಕ್ಕೆ ಜಿಲ್ಲಾ ಪತ್ರಕರ್ತರ ಸಂಘ ಸಂತಾಪ ಸೂಚಿಸಿದೆ.
